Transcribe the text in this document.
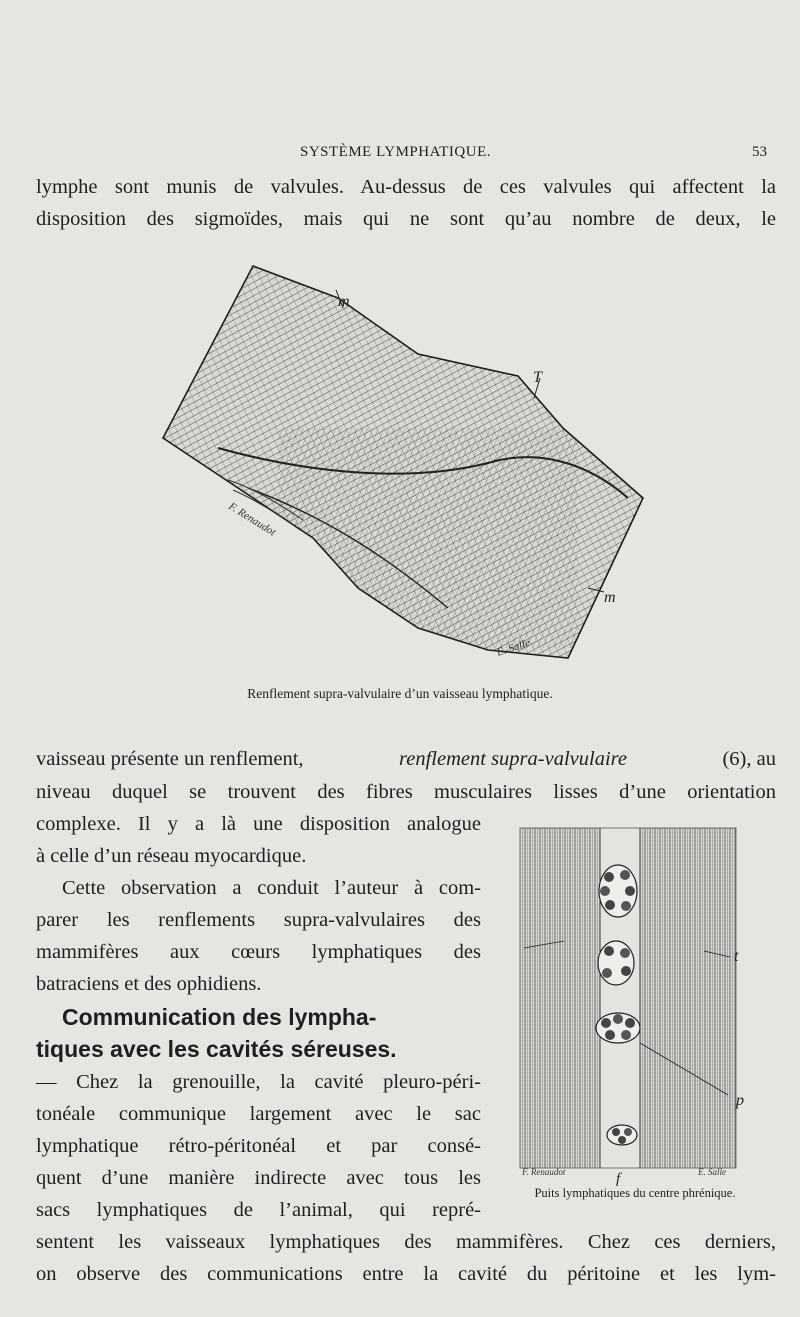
SYSTÈME LYMPHATIQUE.	53
lymphe sont munis de valvules. Au-dessus de ces valvules qui affectent la
disposition des sigmoïdes, mais qui ne sont qu’au nombre de deux, le
m
T
m
F. Renaudot
E. Salle
Renflement supra-valvulaire d’un vaisseau lymphatique.
vaisseau présente un renflement,	renflement supra-valvulaire	(6), au
niveau duquel se trouvent des fibres musculaires lisses d’une orientation
complexe. Il y a là une disposition analogue
à celle d’un réseau myocardique.
Cette observation a conduit l’auteur à com-
parer les renflements supra-valvulaires des
mammifères aux cœurs lymphatiques des
batraciens et des ophidiens.
Communication des lympha-
tiques avec les cavités séreuses.
— Chez la grenouille, la cavité pleuro-péri-
tonéale communique largement avec le sac
lymphatique rétro-péritonéal et par consé-
quent d’une manière indirecte avec tous les
sacs lymphatiques de l’animal, qui repré-
sentent les vaisseaux lymphatiques des mammifères. Chez ces derniers,
on observe des communications entre la cavité du péritoine et les lym-
t
p
f
F. Renaudot	E. Salle
Puits lymphatiques du centre phrénique.
